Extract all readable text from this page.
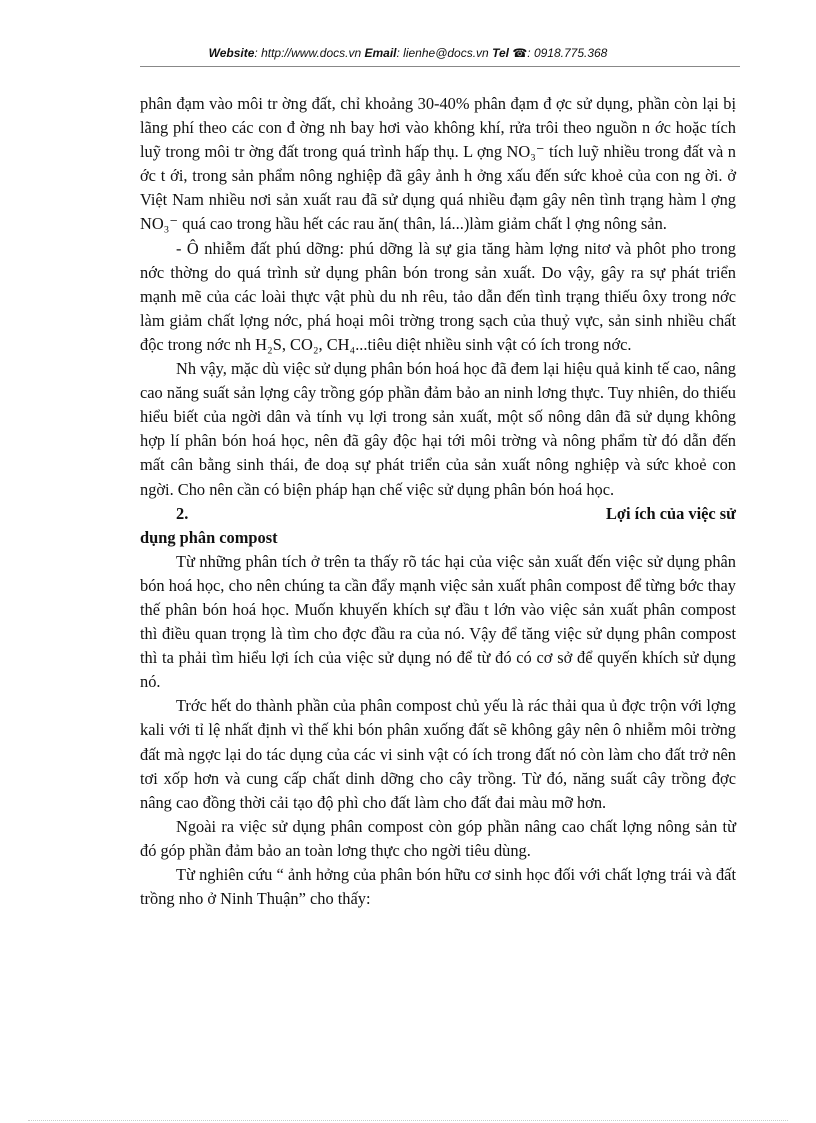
Website: http://www.docs.vn Email: lienhe@docs.vn Tel ☎: 0918.775.368

phân đạm vào môi tr ờng đất, chỉ khoảng 30-40% phân đạm đ ợc sử dụng, phần còn lại bị lãng phí theo các con đ ờng nh bay hơi vào không khí, rửa trôi theo nguồn n ớc hoặc tích luỹ trong môi tr ờng đất trong quá trình hấp thụ. L ợng NO₃⁻ tích luỹ nhiều trong đất và n ớc t ới, trong sản phẩm nông nghiệp đã gây ảnh h ởng xấu đến sức khoẻ của con ng ời. ở Việt Nam nhiều nơi sản xuất rau đã sử dụng quá nhiều đạm gây nên tình trạng hàm l ợng NO₃⁻ quá cao trong hầu hết các rau ăn( thân, lá...)làm giảm chất l ợng nông sản.

- Ô nhiễm đất phú dỡng: phú dỡng là sự gia tăng hàm lợng nitơ và phôt pho trong nớc thờng do quá trình sử dụng phân bón trong sản xuất. Do vậy, gây ra sự phát triển mạnh mẽ của các loài thực vật phù du nh rêu, tảo dẫn đến tình trạng thiếu ôxy trong nớc làm giảm chất lợng nớc, phá hoại môi trờng trong sạch của thuỷ vực, sản sinh nhiều chất độc trong nớc nh H₂S, CO₂, CH₄...tiêu diệt nhiều sinh vật có ích trong nớc.

Nh vậy, mặc dù việc sử dụng phân bón hoá học đã đem lại hiệu quả kinh tế cao, nâng cao năng suất sản lợng cây trồng góp phần đảm bảo an ninh lơng thực. Tuy nhiên, do thiếu hiểu biết của ngời dân và tính vụ lợi trong sản xuất, một số nông dân đã sử dụng không hợp lí phân bón hoá học, nên đã gây độc hại tới môi trờng và nông phẩm từ đó dẫn đến mất cân bằng sinh thái, đe doạ sự phát triển của sản xuất nông nghiệp và sức khoẻ con ngời. Cho nên cần có biện pháp hạn chế việc sử dụng phân bón hoá học.

2.	Lợi ích của việc sử
dụng phân compost

Từ những phân tích ở trên ta thấy rõ tác hại của việc sản xuất đến việc sử dụng phân bón hoá học, cho nên chúng ta cần đẩy mạnh việc sản xuất phân compost để từng bớc thay thế phân bón hoá học. Muốn khuyến khích sự đầu t lớn vào việc sản xuất phân compost thì điều quan trọng là tìm cho đợc đầu ra của nó. Vậy để tăng việc sử dụng phân compost thì ta phải tìm hiểu lợi ích của việc sử dụng nó để từ đó có cơ sở để quyến khích sử dụng nó.

Trớc hết do thành phần của phân compost chủ yếu là rác thải qua ủ đợc trộn với lợng kali với tỉ lệ nhất định vì thế khi bón phân xuống đất sẽ không gây nên ô nhiễm môi trờng đất mà ngợc lại do tác dụng của các vi sinh vật có ích trong đất nó còn làm cho đất trở nên tơi xốp hơn và cung cấp chất dinh dỡng cho cây trồng. Từ đó, năng suất cây trồng đợc nâng cao đồng thời cải tạo độ phì cho đất làm cho đất đai màu mỡ hơn.

Ngoài ra việc sử dụng phân compost còn góp phần nâng cao chất lợng nông sản từ đó góp phần đảm bảo an toàn lơng thực cho ngời tiêu dùng.

Từ nghiên cứu “ ảnh hởng của phân bón hữu cơ sinh học đối với chất lợng trái và đất trồng nho ở Ninh Thuận” cho thấy:
